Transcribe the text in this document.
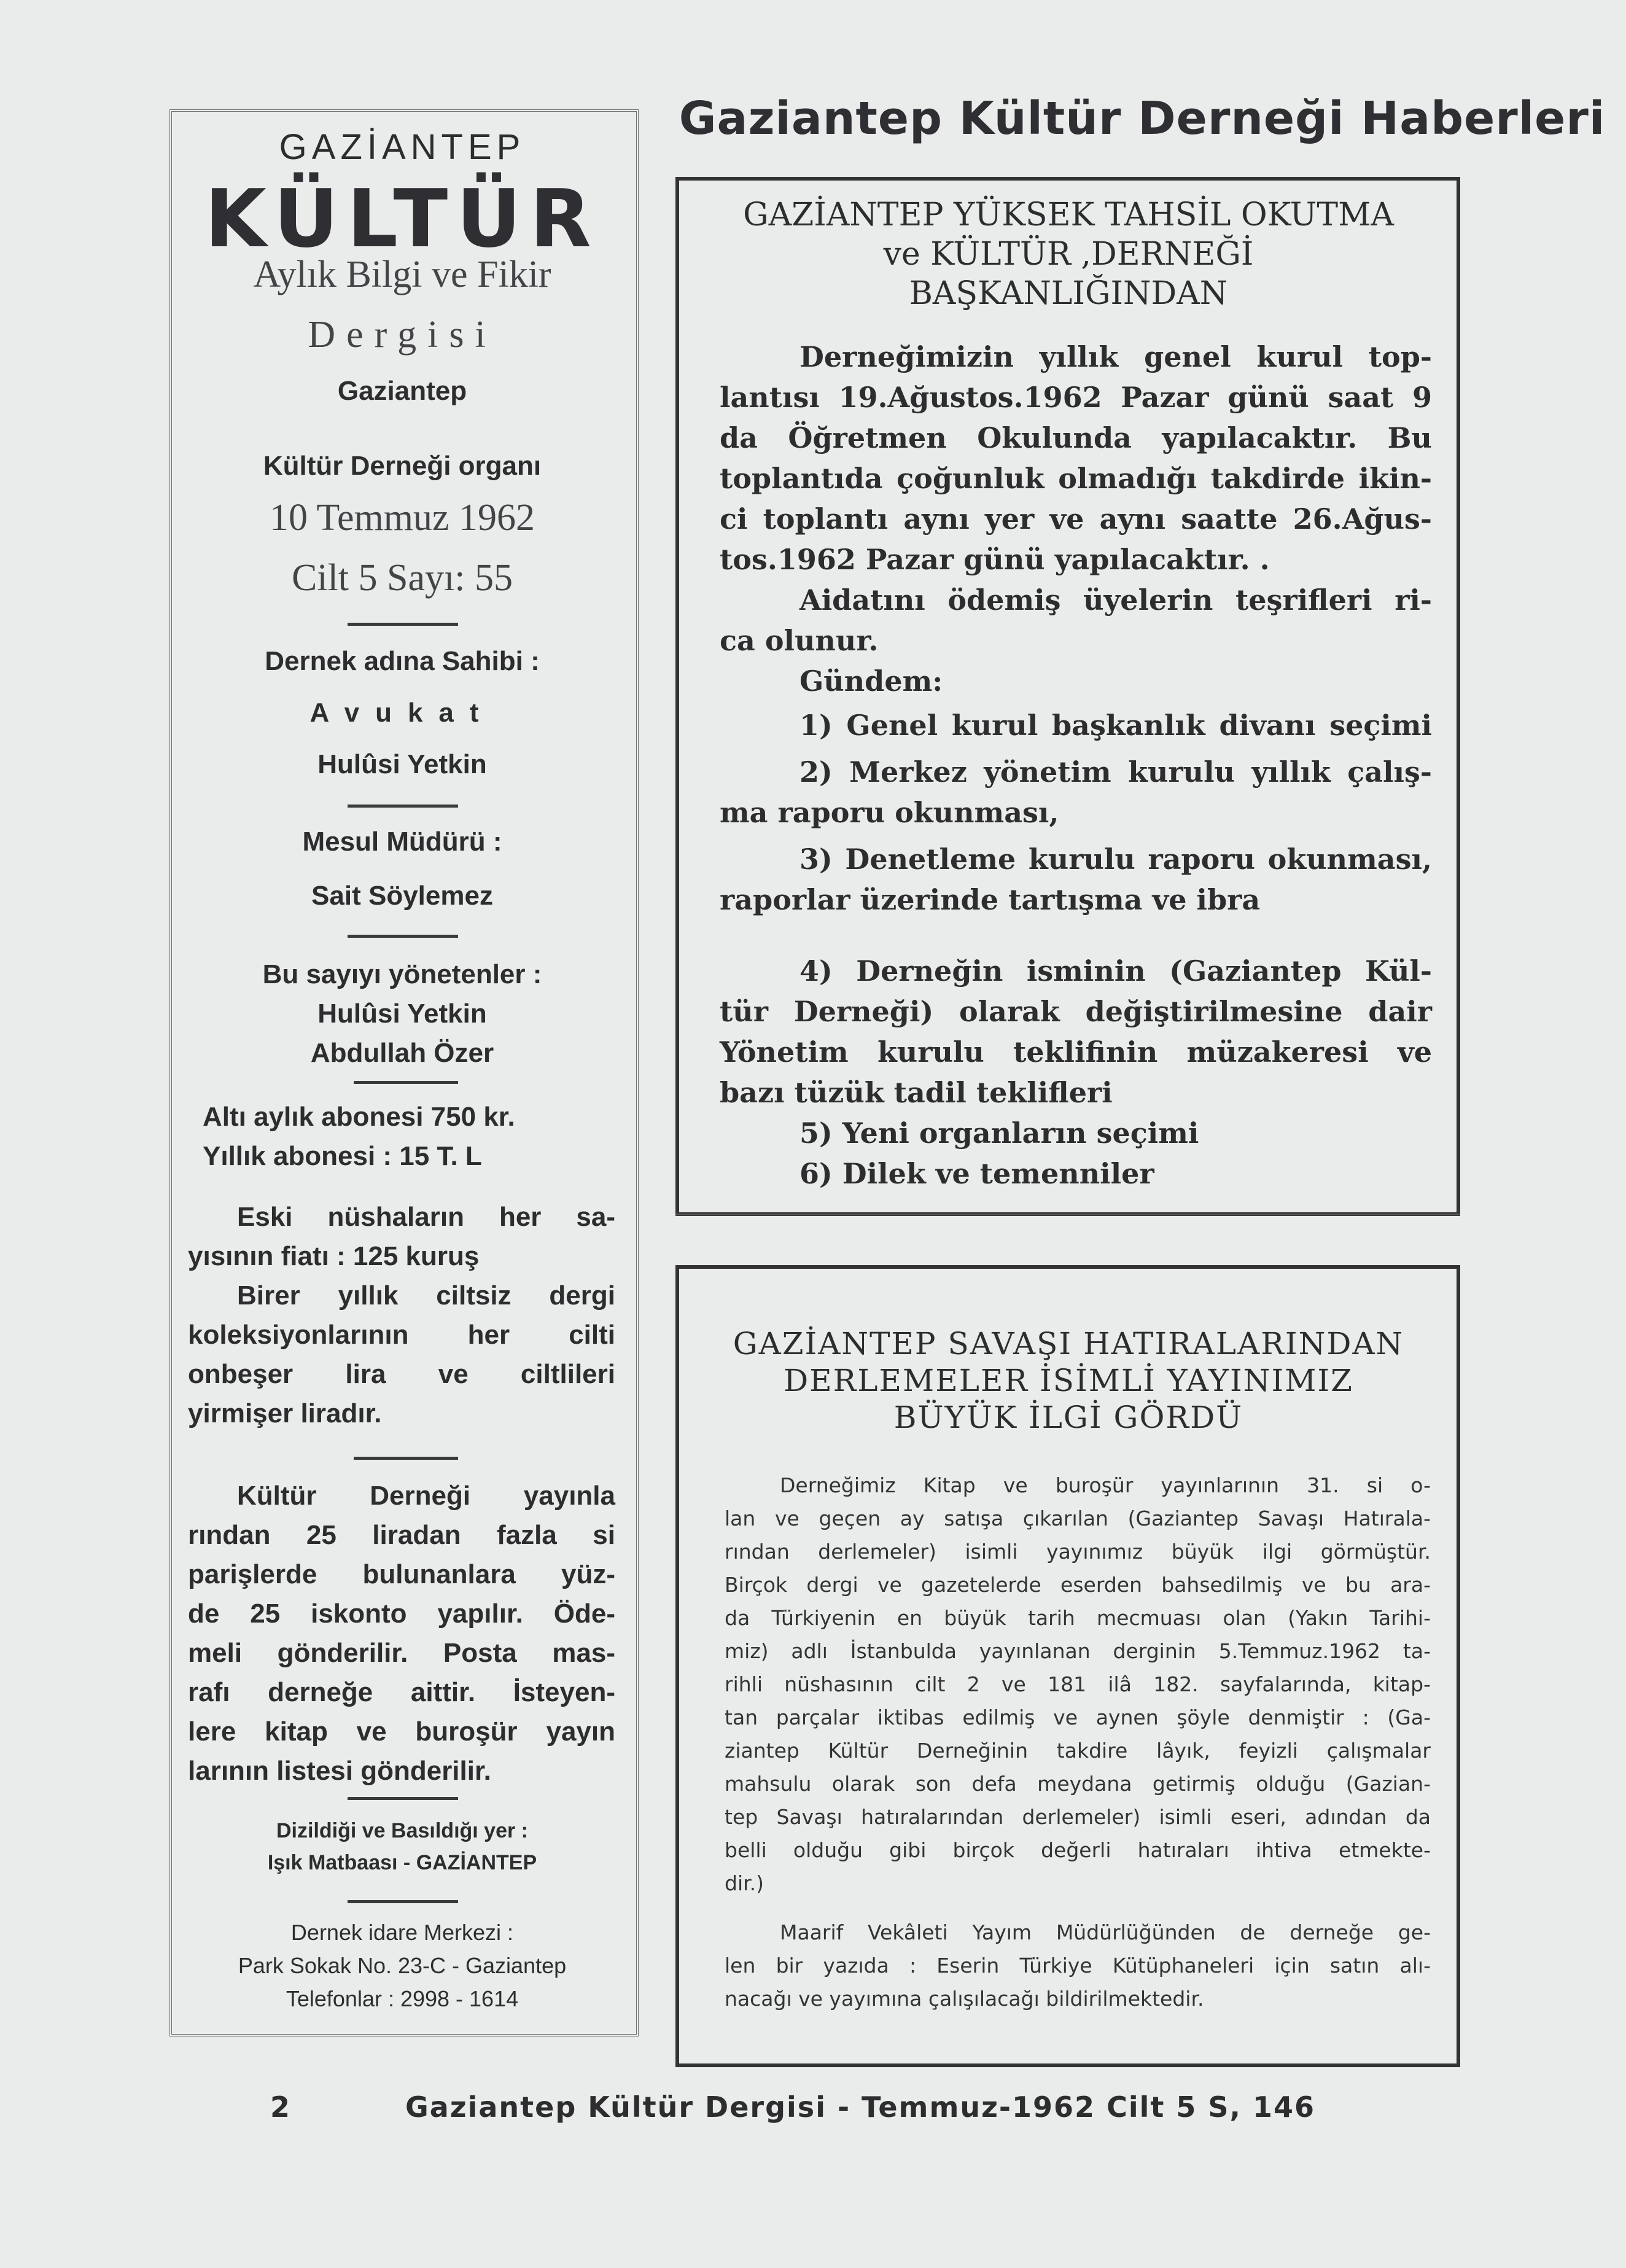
GAZİANTEP
KÜLTÜR
Aylık Bilgi ve Fikir
Dergisi
Gaziantep
Kültür Derneği organı
10 Temmuz 1962
Cilt 5 Sayı: 55
Dernek adına Sahibi :
Avukat
Hulûsi Yetkin
Mesul Müdürü :
Sait Söylemez
Bu sayıyı yönetenler :
Hulûsi Yetkin
Abdullah Özer
Altı aylık abonesi 750 kr.
Yıllık abonesi : 15 T. L
Eski nüshaların her sa-
yısının fiatı : 125 kuruş
Birer yıllık ciltsiz dergi
koleksiyonlarının her cilti
onbeşer lira ve ciltlileri
yirmişer liradır.
Kültür Derneği yayınla
rından 25 liradan fazla si
parişlerde bulunanlara yüz-
de 25 iskonto yapılır. Öde-
meli gönderilir. Posta mas-
rafı derneğe aittir. İsteyen-
lere kitap ve buroşür yayın
larının listesi gönderilir.
Dizildiği ve Basıldığı yer :
Işık Matbaası - GAZİANTEP
Dernek idare Merkezi :
Park Sokak No. 23-C - Gaziantep
Telefonlar : 2998 - 1614
Gaziantep Kültür Derneği Haberleri
GAZİANTEP YÜKSEK TAHSİL OKUTMA
ve KÜLTÜR ,DERNEĞİ
BAŞKANLIĞINDAN
Derneğimizin yıllık genel kurul top-
lantısı 19.Ağustos.1962 Pazar günü saat 9
da Öğretmen Okulunda yapılacaktır. Bu
toplantıda çoğunluk olmadığı takdirde ikin-
ci toplantı aynı yer ve aynı saatte 26.Ağus-
tos.1962 Pazar günü yapılacaktır. .
Aidatını ödemiş üyelerin teşrifleri ri-
ca olunur.
Gündem:
1) Genel kurul başkanlık divanı seçimi
2) Merkez yönetim kurulu yıllık çalış-
ma raporu okunması,
3) Denetleme kurulu raporu okunması,
raporlar üzerinde tartışma ve ibra
4) Derneğin isminin (Gaziantep Kül-
tür Derneği) olarak değiştirilmesine dair
Yönetim kurulu teklifinin müzakeresi ve
bazı tüzük tadil teklifleri
5) Yeni organların seçimi
6) Dilek ve temenniler
GAZİANTEP SAVAŞI HATIRALARINDAN
DERLEMELER İSİMLİ YAYINIMIZ
BÜYÜK İLGİ GÖRDÜ
Derneğimiz Kitap ve buroşür yayınlarının 31. si o-
lan ve geçen ay satışa çıkarılan (Gaziantep Savaşı Hatırala-
rından derlemeler) isimli yayınımız büyük ilgi görmüştür.
Birçok dergi ve gazetelerde eserden bahsedilmiş ve bu ara-
da Türkiyenin en büyük tarih mecmuası olan (Yakın Tarihi-
miz) adlı İstanbulda yayınlanan derginin 5.Temmuz.1962 ta-
rihli nüshasının cilt 2 ve 181 ilâ 182. sayfalarında, kitap-
tan parçalar iktibas edilmiş ve aynen şöyle denmiştir : (Ga-
ziantep Kültür Derneğinin takdire lâyık, feyizli çalışmalar
mahsulu olarak son defa meydana getirmiş olduğu (Gazian-
tep Savaşı hatıralarından derlemeler) isimli eseri, adından da
belli olduğu gibi birçok değerli hatıraları ihtiva etmekte-
dir.)
Maarif Vekâleti Yayım Müdürlüğünden de derneğe ge-
len bir yazıda : Eserin Türkiye Kütüphaneleri için satın alı-
nacağı ve yayımına çalışılacağı bildirilmektedir.
2	Gaziantep Kültür Dergisi - Temmuz-1962 Cilt 5 S, 146
